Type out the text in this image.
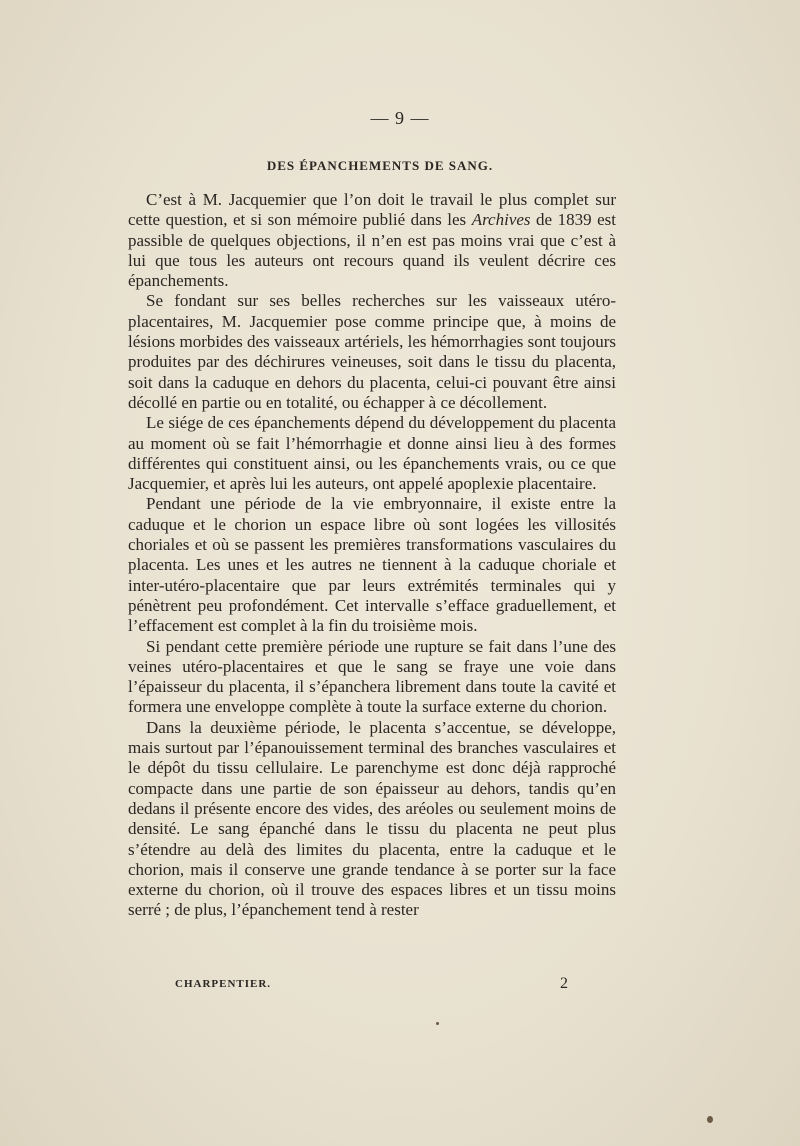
— 9 —
DES ÉPANCHEMENTS DE SANG.

C’est à M. Jacquemier que l’on doit le travail le plus complet sur cette question, et si son mémoire publié dans les Archives de 1839 est passible de quelques objections, il n’en est pas moins vrai que c’est à lui que tous les auteurs ont recours quand ils veulent décrire ces épanchements.

Se fondant sur ses belles recherches sur les vaisseaux utéro-placentaires, M. Jacquemier pose comme principe que, à moins de lésions morbides des vaisseaux artériels, les hémorrhagies sont toujours produites par des déchirures veineuses, soit dans le tissu du placenta, soit dans la caduque en dehors du placenta, celui-ci pouvant être ainsi décollé en partie ou en totalité, ou échapper à ce décollement.

Le siége de ces épanchements dépend du développement du placenta au moment où se fait l’hémorrhagie et donne ainsi lieu à des formes différentes qui constituent ainsi, ou les épanchements vrais, ou ce que Jacquemier, et après lui les auteurs, ont appelé apoplexie placentaire.

Pendant une période de la vie embryonnaire, il existe entre la caduque et le chorion un espace libre où sont logées les villosités choriales et où se passent les premières transformations vasculaires du placenta. Les unes et les autres ne tiennent à la caduque choriale et inter-utéro-placentaire que par leurs extrémités terminales qui y pénètrent peu profondément. Cet intervalle s’efface graduellement, et l’effacement est complet à la fin du troisième mois.

Si pendant cette première période une rupture se fait dans l’une des veines utéro-placentaires et que le sang se fraye une voie dans l’épaisseur du placenta, il s’épanchera librement dans toute la cavité et formera une enveloppe complète à toute la surface externe du chorion.

Dans la deuxième période, le placenta s’accentue, se développe, mais surtout par l’épanouissement terminal des branches vasculaires et le dépôt du tissu cellulaire. Le parenchyme est donc déjà rapproché compacte dans une partie de son épaisseur au dehors, tandis qu’en dedans il présente encore des vides, des aréoles ou seulement moins de densité. Le sang épanché dans le tissu du placenta ne peut plus s’étendre au delà des limites du placenta, entre la caduque et le chorion, mais il conserve une grande tendance à se porter sur la face externe du chorion, où il trouve des espaces libres et un tissu moins serré ; de plus, l’épanchement tend à rester

CHARPENTIER.	2
